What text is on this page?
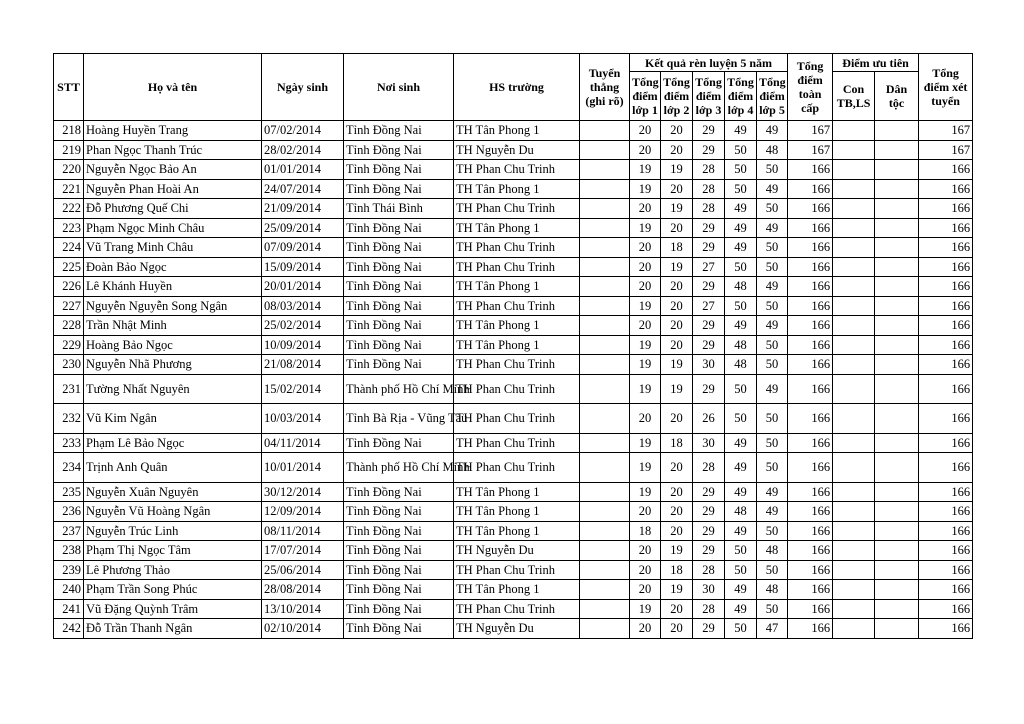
STT	Họ và tên	Ngày sinh	Nơi sinh	HS trường	Tuyển thẳng (ghi rõ)	Kết quả rèn luyện 5 năm					Tổng điểm toàn cấp	Điểm ưu tiên		Tổng điểm xét tuyển
						Tổng điểm lớp 1	Tổng điểm lớp 2	Tổng điểm lớp 3	Tổng điểm lớp 4	Tổng điểm lớp 5		Con TB,LS	Dân tộc	
218	Hoàng Huyền Trang	07/02/2014	Tỉnh Đồng Nai	TH Tân Phong 1		20	20	29	49	49	167			167
219	Phan Ngọc Thanh Trúc	28/02/2014	Tỉnh Đồng Nai	TH Nguyễn Du		20	20	29	50	48	167			167
220	Nguyễn Ngọc Bảo An	01/01/2014	Tỉnh Đồng Nai	TH Phan Chu Trinh		19	19	28	50	50	166			166
221	Nguyễn Phan Hoài An	24/07/2014	Tỉnh Đồng Nai	TH Tân Phong 1		19	20	28	50	49	166			166
222	Đỗ Phương Quế Chi	21/09/2014	Tỉnh Thái Bình	TH Phan Chu Trinh		20	19	28	49	50	166			166
223	Phạm Ngọc Minh Châu	25/09/2014	Tỉnh Đồng Nai	TH Tân Phong 1		19	20	29	49	49	166			166
224	Vũ Trang Minh Châu	07/09/2014	Tỉnh Đồng Nai	TH Phan Chu Trinh		20	18	29	49	50	166			166
225	Đoàn Bảo Ngọc	15/09/2014	Tỉnh Đồng Nai	TH Phan Chu Trinh		20	19	27	50	50	166			166
226	Lê Khánh Huyền	20/01/2014	Tỉnh Đồng Nai	TH Tân Phong 1		20	20	29	48	49	166			166
227	Nguyễn Nguyễn Song Ngân	08/03/2014	Tỉnh Đồng Nai	TH Phan Chu Trinh		19	20	27	50	50	166			166
228	Trần Nhật Minh	25/02/2014	Tỉnh Đồng Nai	TH Tân Phong 1		20	20	29	49	49	166			166
229	Hoàng Bảo Ngọc	10/09/2014	Tỉnh Đồng Nai	TH Tân Phong 1		19	20	29	48	50	166			166
230	Nguyễn Nhã Phương	21/08/2014	Tỉnh Đồng Nai	TH Phan Chu Trinh		19	19	30	48	50	166			166
231	Tường Nhất Nguyên	15/02/2014	Thành phố Hồ Chí Minh	TH Phan Chu Trinh		19	19	29	50	49	166			166
232	Vũ Kim Ngân	10/03/2014	Tỉnh Bà Rịa - Vũng Tàu	TH Phan Chu Trinh		20	20	26	50	50	166			166
233	Phạm Lê Bảo Ngọc	04/11/2014	Tỉnh Đồng Nai	TH Phan Chu Trinh		19	18	30	49	50	166			166
234	Trịnh Anh Quân	10/01/2014	Thành phố Hồ Chí Minh	TH Phan Chu Trinh		19	20	28	49	50	166			166
235	Nguyễn Xuân Nguyên	30/12/2014	Tỉnh Đồng Nai	TH Tân Phong 1		19	20	29	49	49	166			166
236	Nguyễn Vũ Hoàng Ngân	12/09/2014	Tỉnh Đồng Nai	TH Tân Phong 1		20	20	29	48	49	166			166
237	Nguyễn Trúc Linh	08/11/2014	Tỉnh Đồng Nai	TH Tân Phong 1		18	20	29	49	50	166			166
238	Phạm Thị Ngọc Tâm	17/07/2014	Tỉnh Đồng Nai	TH Nguyễn Du		20	19	29	50	48	166			166
239	Lê Phương Thảo	25/06/2014	Tỉnh Đồng Nai	TH Phan Chu Trinh		20	18	28	50	50	166			166
240	Phạm Trần Song Phúc	28/08/2014	Tỉnh Đồng Nai	TH Tân Phong 1		20	19	30	49	48	166			166
241	Vũ Đặng Quỳnh Trâm	13/10/2014	Tỉnh Đồng Nai	TH Phan Chu Trinh		19	20	28	49	50	166			166
242	Đỗ Trần Thanh Ngân	02/10/2014	Tỉnh Đồng Nai	TH Nguyễn Du		20	20	29	50	47	166			166
